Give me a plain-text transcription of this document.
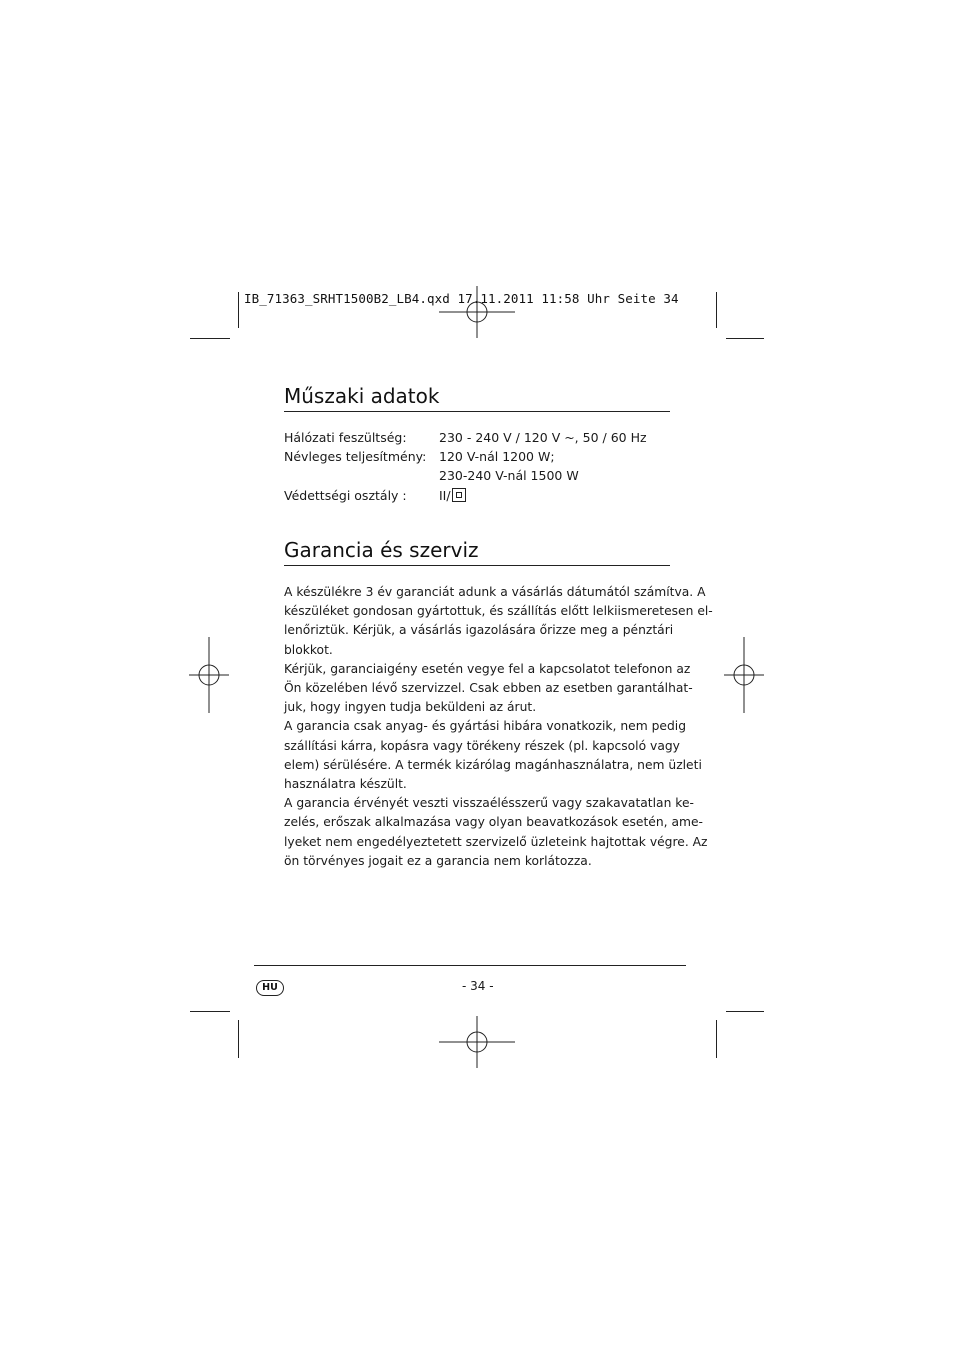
IB_71363_SRHT1500B2_LB4.qxd 17.11.2011 11:58 Uhr Seite 34
Műszaki adatok
Hálózati feszültség:	230 - 240 V / 120 V ~, 50 / 60 Hz
Névleges teljesítmény: 120 V-nál 1200 W;
230-240 V-nál 1500 W
Védettségi osztály :	II/
Garancia és szerviz
A készülékre 3 év garanciát adunk a vásárlás dátumától számítva. A
készüléket gondosan gyártottuk, és szállítás előtt lelkiismeretesen el-
lenőriztük. Kérjük, a vásárlás igazolására őrizze meg a pénztári
blokkot.
Kérjük, garanciaigény esetén vegye fel a kapcsolatot telefonon az
Ön közelében lévő szervizzel. Csak ebben az esetben garantálhat-
juk, hogy ingyen tudja beküldeni az árut.
A garancia csak anyag- és gyártási hibára vonatkozik, nem pedig
szállítási kárra, kopásra vagy törékeny részek (pl. kapcsoló vagy
elem) sérülésére. A termék kizárólag magánhasználatra, nem üzleti
használatra készült.
A garancia érvényét veszti visszaélésszerű vagy szakavatatlan ke-
zelés, erőszak alkalmazása vagy olyan beavatkozások esetén, ame-
lyeket nem engedélyeztetett szervizelő üzleteink hajtottak végre. Az
ön törvényes jogait ez a garancia nem korlátozza.
HU	- 34 -
